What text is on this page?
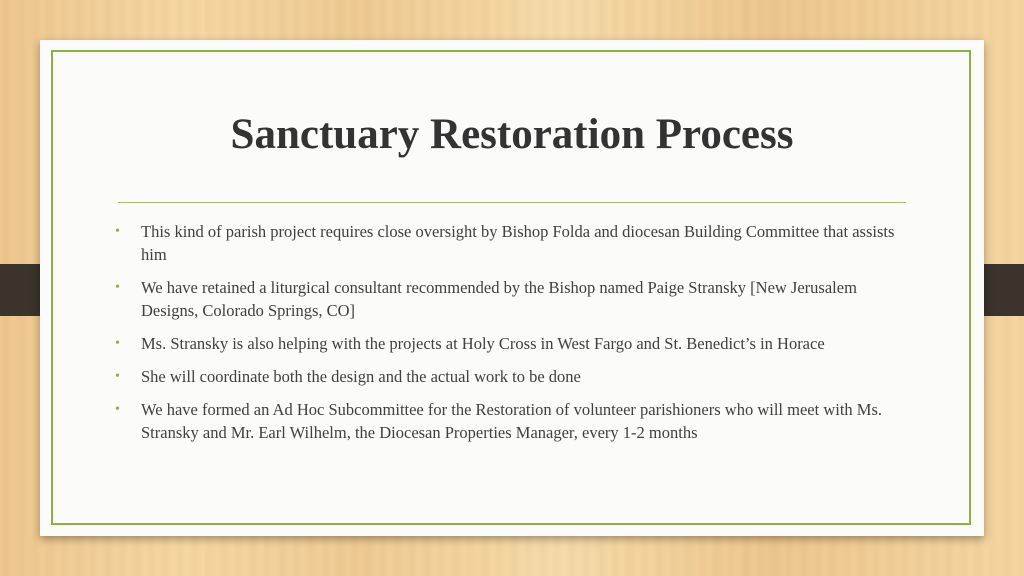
Sanctuary Restoration Process
• This kind of parish project requires close oversight by Bishop Folda and diocesan Building Committee that assists him
• We have retained a liturgical consultant recommended by the Bishop named Paige Stransky [New Jerusalem Designs, Colorado Springs, CO]
• Ms. Stransky is also helping with the projects at Holy Cross in West Fargo and St. Benedict’s in Horace
• She will coordinate both the design and the actual work to be done
• We have formed an Ad Hoc Subcommittee for the Restoration of volunteer parishioners who will meet with Ms. Stransky and Mr. Earl Wilhelm, the Diocesan Properties Manager, every 1-2 months
